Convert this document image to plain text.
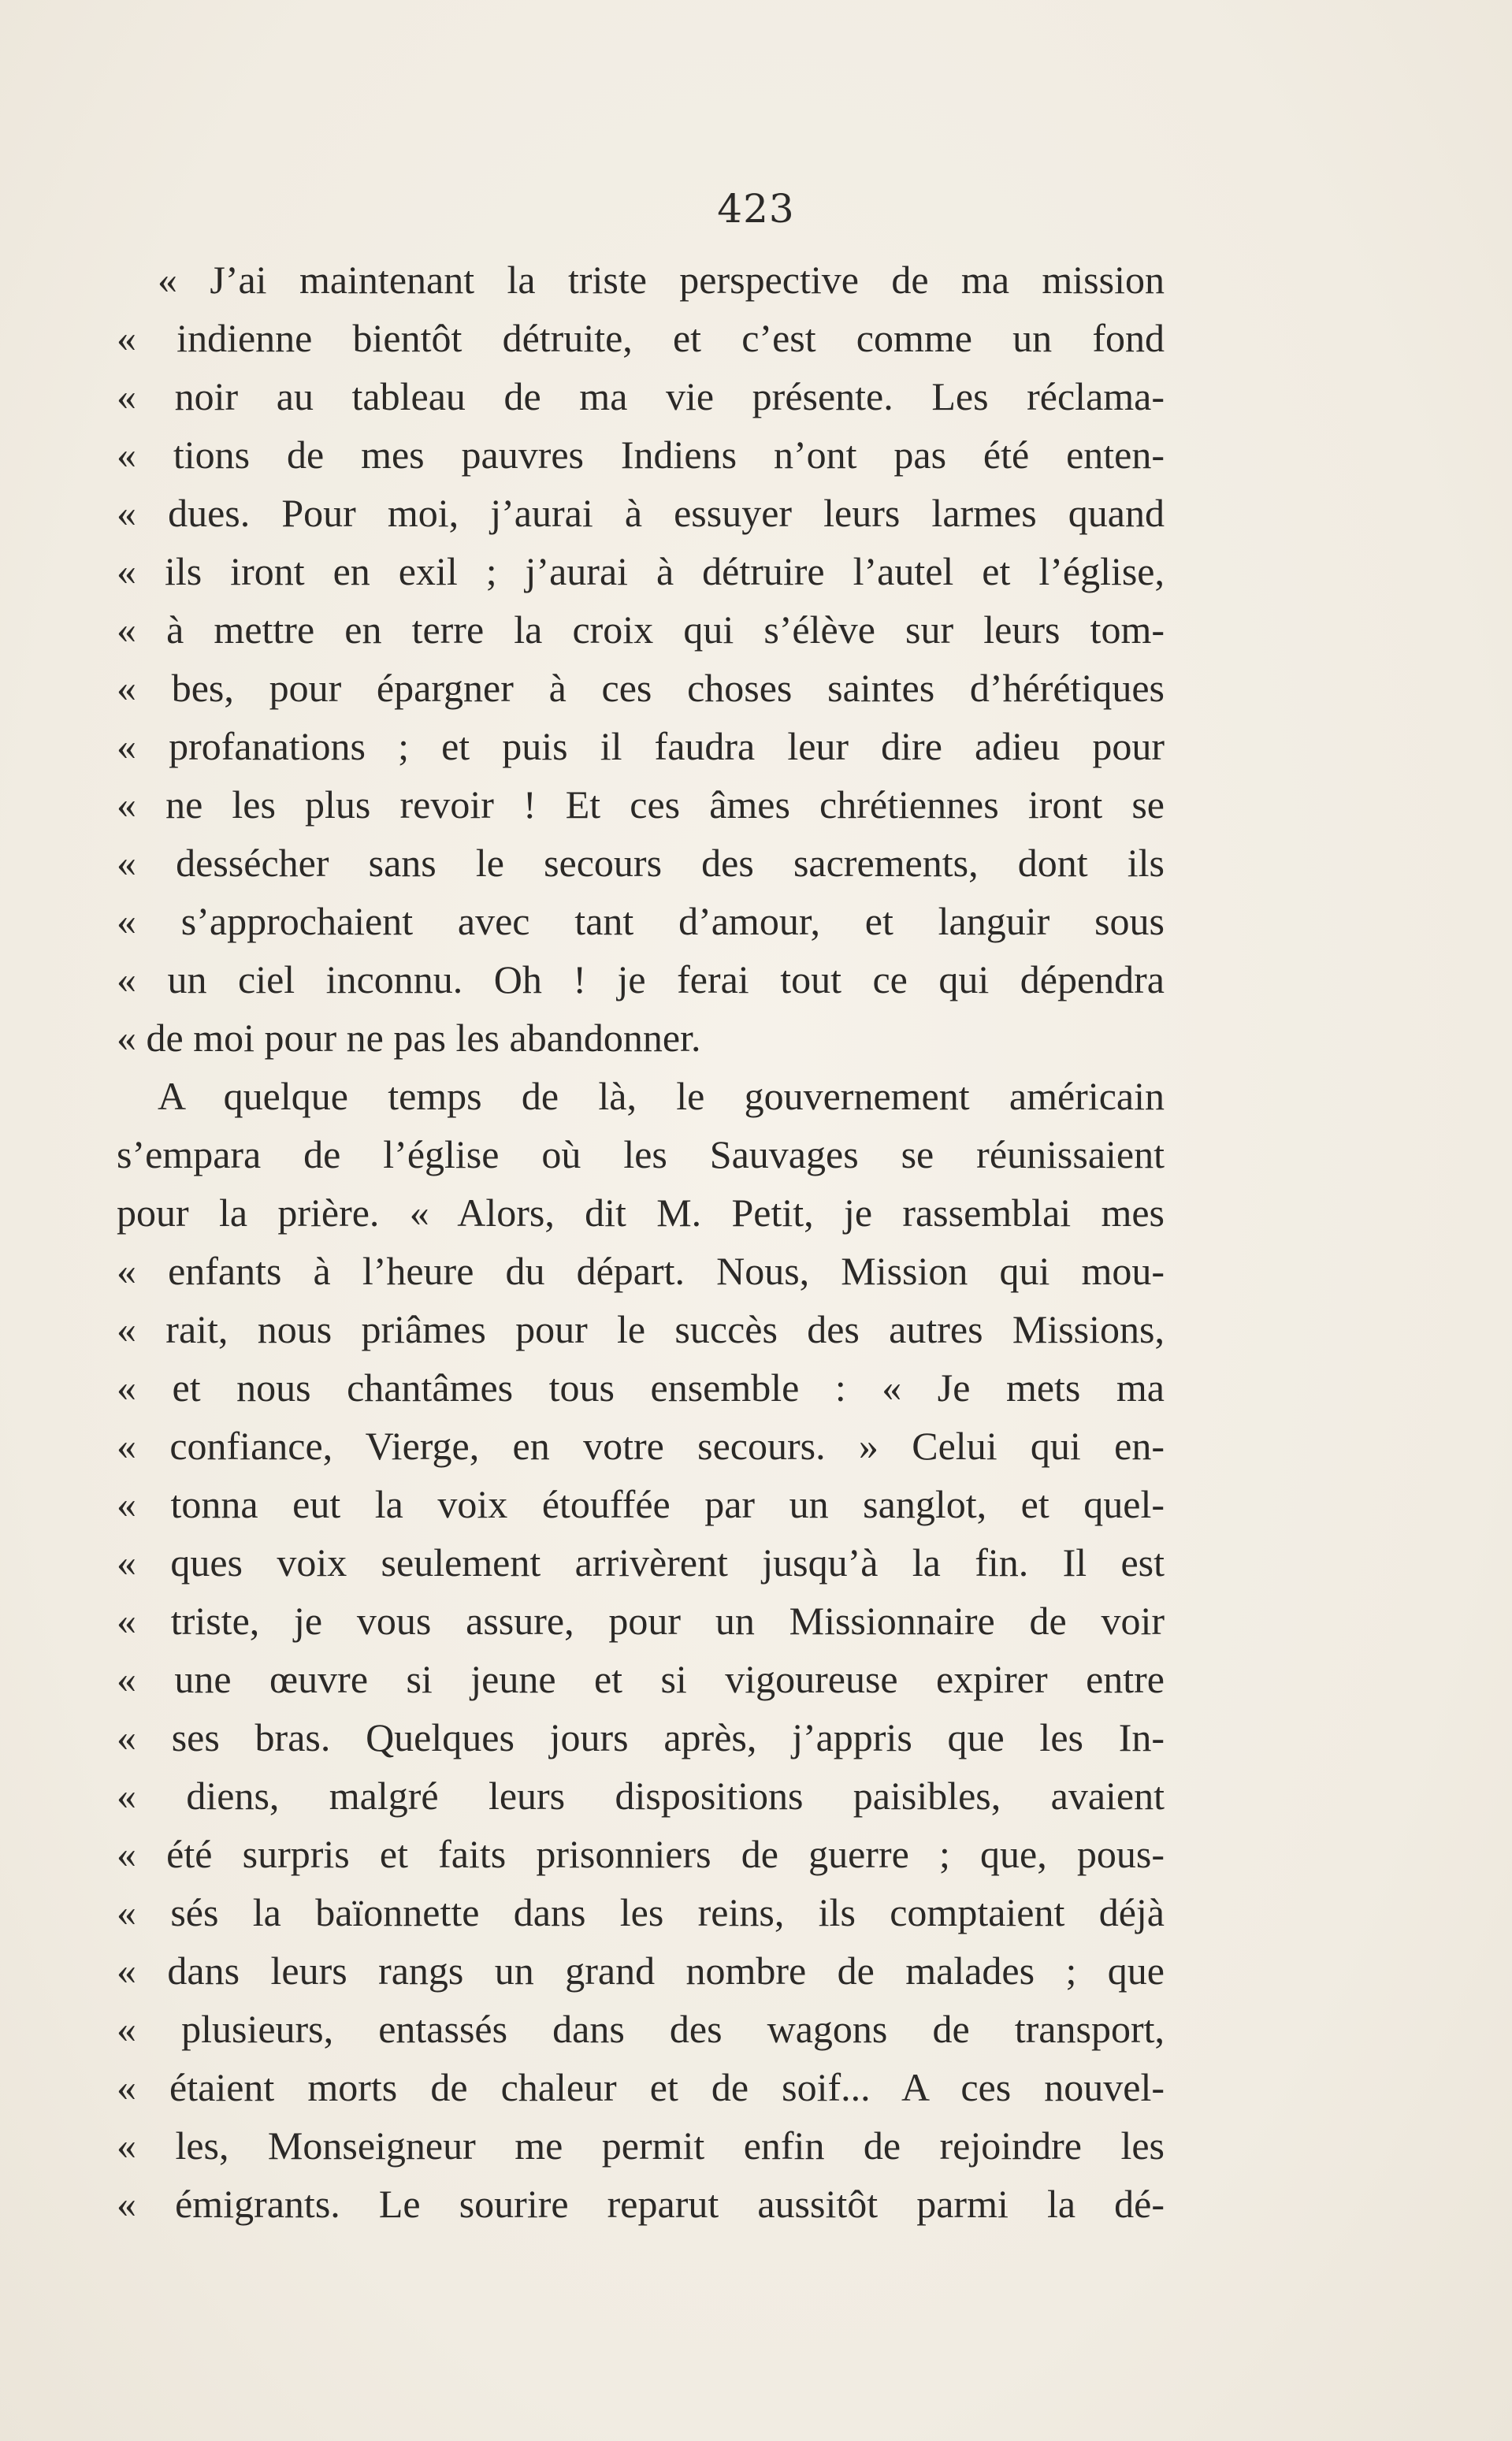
423
« J’ai maintenant la triste perspective de ma mission
« indienne bientôt détruite, et c’est comme un fond
« noir au tableau de ma vie présente. Les réclama-
« tions de mes pauvres Indiens n’ont pas été enten-
« dues. Pour moi, j’aurai à essuyer leurs larmes quand
« ils iront en exil ; j’aurai à détruire l’autel et l’église,
« à mettre en terre la croix qui s’élève sur leurs tom-
« bes, pour épargner à ces choses saintes d’hérétiques
« profanations ; et puis il faudra leur dire adieu pour
« ne les plus revoir ! Et ces âmes chrétiennes iront se
« dessécher sans le secours des sacrements, dont ils
« s’approchaient avec tant d’amour, et languir sous
« un ciel inconnu. Oh ! je ferai tout ce qui dépendra
« de moi pour ne pas les abandonner.
A quelque temps de là, le gouvernement américain
s’empara de l’église où les Sauvages se réunissaient
pour la prière. « Alors, dit M. Petit, je rassemblai mes
« enfants à l’heure du départ. Nous, Mission qui mou-
« rait, nous priâmes pour le succès des autres Missions,
« et nous chantâmes tous ensemble : « Je mets ma
« confiance, Vierge, en votre secours. » Celui qui en-
« tonna eut la voix étouffée par un sanglot, et quel-
« ques voix seulement arrivèrent jusqu’à la fin. Il est
« triste, je vous assure, pour un Missionnaire de voir
« une œuvre si jeune et si vigoureuse expirer entre
« ses bras. Quelques jours après, j’appris que les In-
« diens, malgré leurs dispositions paisibles, avaient
« été surpris et faits prisonniers de guerre ; que, pous-
« sés la baïonnette dans les reins, ils comptaient déjà
« dans leurs rangs un grand nombre de malades ; que
« plusieurs, entassés dans des wagons de transport,
« étaient morts de chaleur et de soif... A ces nouvel-
« les, Monseigneur me permit enfin de rejoindre les
« émigrants. Le sourire reparut aussitôt parmi la dé-
